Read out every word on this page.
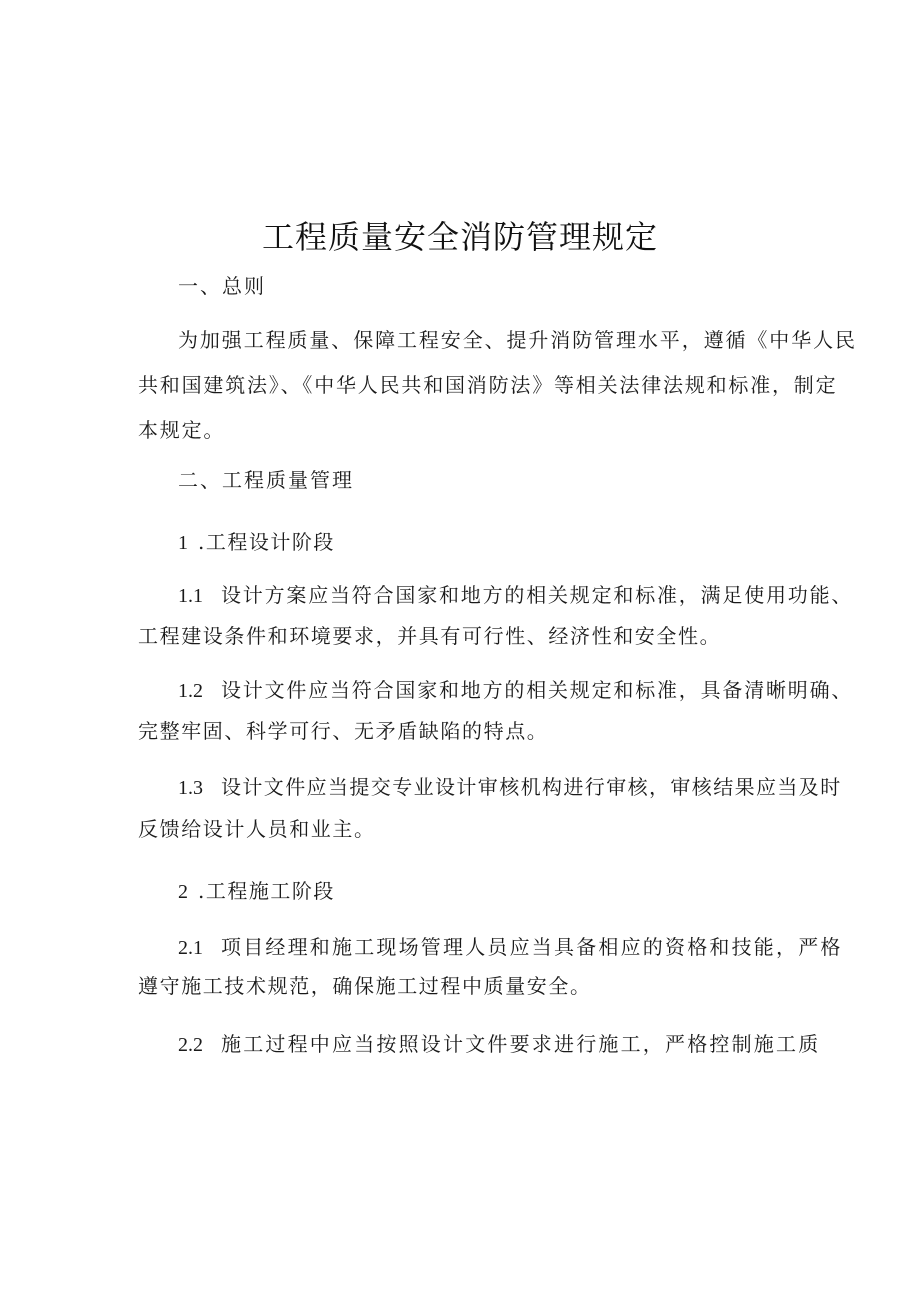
工程质量安全消防管理规定
一、总则
为加强工程质量、保障工程安全、提升消防管理水平，遵循《中华人民
共和国建筑法》、《中华人民共和国消防法》等相关法律法规和标准，制定
本规定。
二、工程质量管理
1 .工程设计阶段
1.1 设计方案应当符合国家和地方的相关规定和标准，满足使用功能、
工程建设条件和环境要求，并具有可行性、经济性和安全性。
1.2 设计文件应当符合国家和地方的相关规定和标准，具备清晰明确、
完整牢固、科学可行、无矛盾缺陷的特点。
1.3 设计文件应当提交专业设计审核机构进行审核，审核结果应当及时
反馈给设计人员和业主。
2 .工程施工阶段
2.1 项目经理和施工现场管理人员应当具备相应的资格和技能，严格
遵守施工技术规范，确保施工过程中质量安全。
2.2 施工过程中应当按照设计文件要求进行施工，严格控制施工质
